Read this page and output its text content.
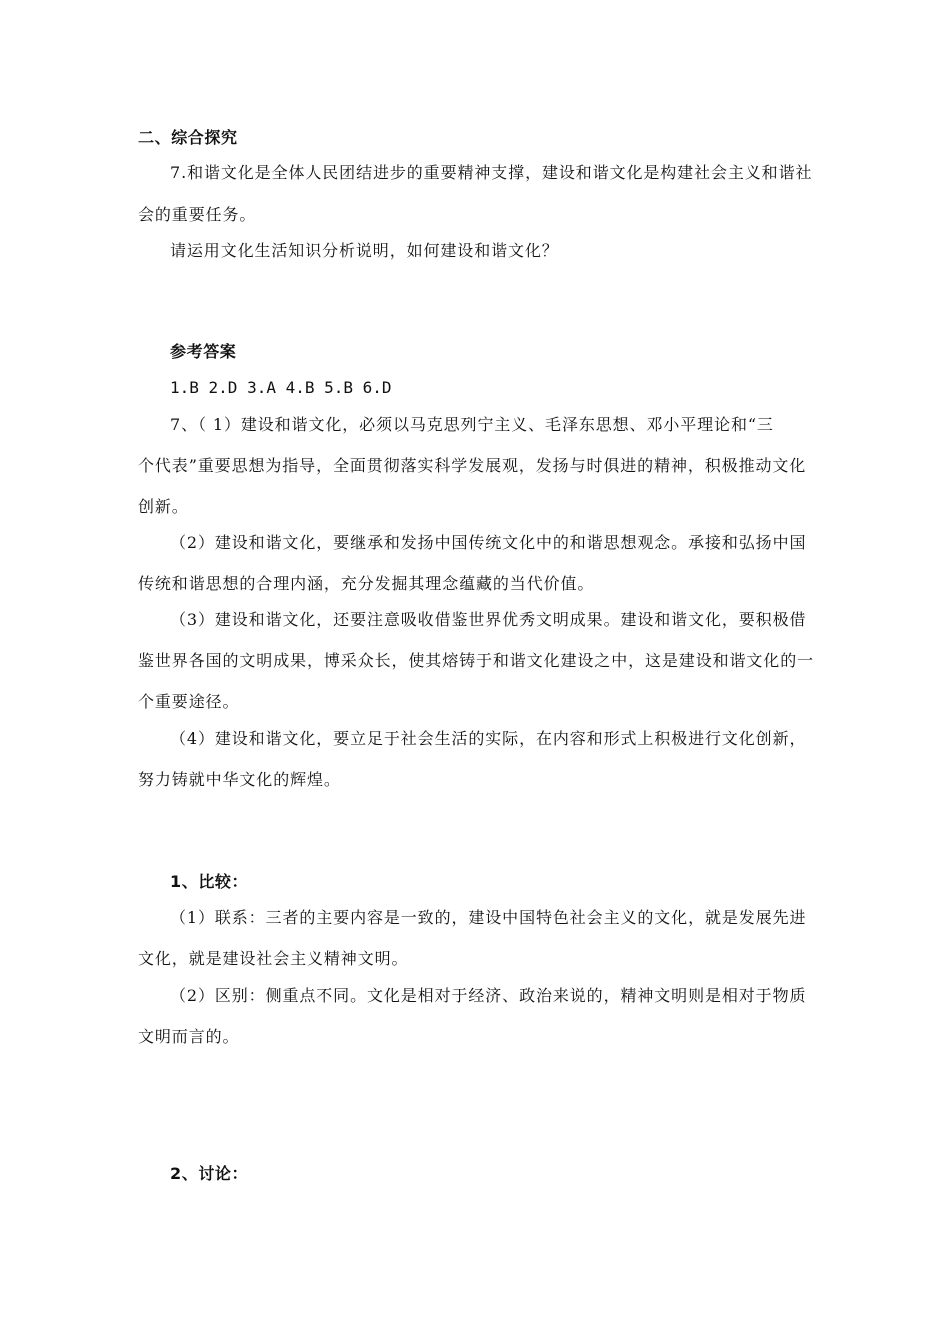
二、综合探究
7.和谐文化是全体人民团结进步的重要精神支撑，建设和谐文化是构建社会主义和谐社
会的重要任务。
请运用文化生活知识分析说明，如何建设和谐文化？
参考答案
1.B 2.D 3.A 4.B 5.B 6.D
7、（ 1）建设和谐文化，必须以马克思列宁主义、毛泽东思想、邓小平理论和“三
个代表”重要思想为指导，全面贯彻落实科学发展观，发扬与时俱进的精神，积极推动文化
创新。
（2）建设和谐文化，要继承和发扬中国传统文化中的和谐思想观念。承接和弘扬中国
传统和谐思想的合理内涵，充分发掘其理念蕴藏的当代价值。
（3）建设和谐文化，还要注意吸收借鉴世界优秀文明成果。建设和谐文化，要积极借
鉴世界各国的文明成果，博采众长，使其熔铸于和谐文化建设之中，这是建设和谐文化的一
个重要途径。
（4）建设和谐文化，要立足于社会生活的实际，在内容和形式上积极进行文化创新，
努力铸就中华文化的辉煌。
1、比较：
（1）联系：三者的主要内容是一致的，建设中国特色社会主义的文化，就是发展先进
文化，就是建设社会主义精神文明。
（2）区别：侧重点不同。文化是相对于经济、政治来说的，精神文明则是相对于物质
文明而言的。
2、讨论：
